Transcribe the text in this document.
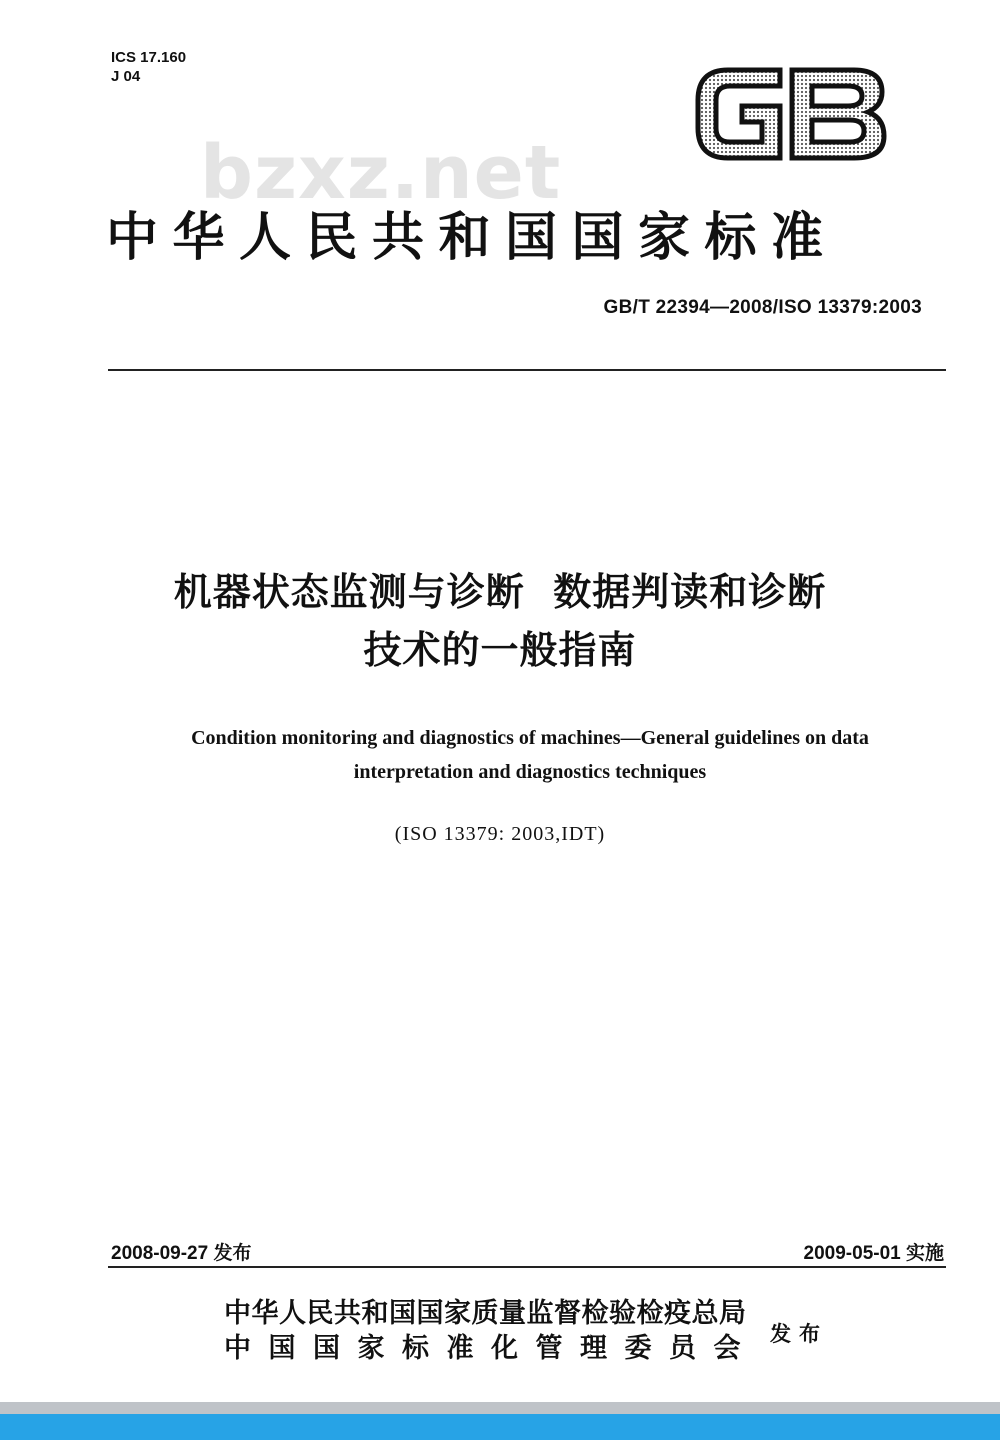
ICS 17.160
J 04
bzxz.net
中华人民共和国国家标准
GB/T 22394—2008/ISO 13379:2003
机器状态监测与诊断  数据判读和诊断
技术的一般指南
Condition monitoring and diagnostics of machines—General guidelines on data
interpretation and diagnostics techniques
(ISO 13379: 2003,IDT)
2008-09-27 发布	2009-05-01 实施
中华人民共和国国家质量监督检验检疫总局
中国国家标准化管理委员会 发布
